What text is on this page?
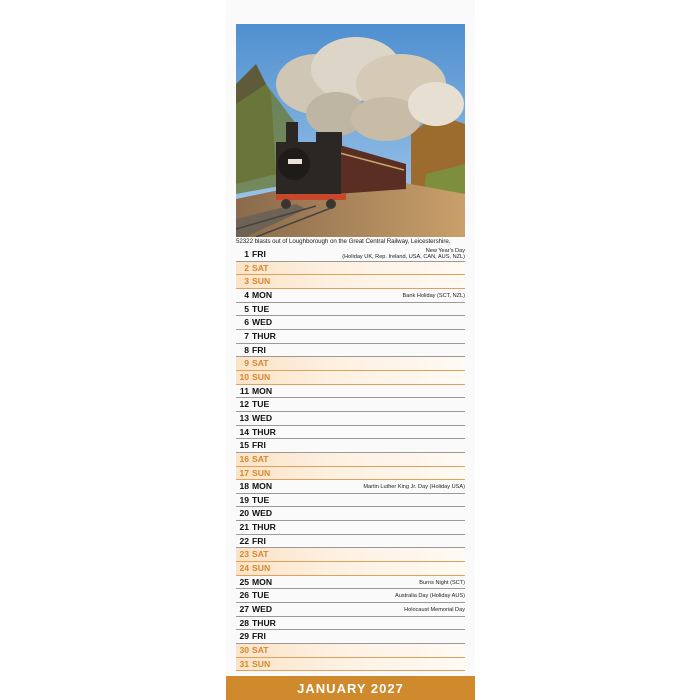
52322 blasts out of Loughborough on the Great Central Railway, Leicestershire.
1 FRI	New Year's Day
(Holiday UK, Rep. Ireland, USA, CAN, AUS, NZL)
2 SAT
3 SUN
4 MON	Bank Holiday (SCT, NZL)
5 TUE
6 WED
7 THUR
8 FRI
9 SAT
10 SUN
11 MON
12 TUE
13 WED
14 THUR
15 FRI
16 SAT
17 SUN
18 MON	Martin Luther King Jr. Day (Holiday USA)
19 TUE
20 WED
21 THUR
22 FRI
23 SAT
24 SUN
25 MON	Burns Night (SCT)
26 TUE	Australia Day (Holiday AUS)
27 WED	Holocaust Memorial Day
28 THUR
29 FRI
30 SAT
31 SUN
JANUARY 2027
